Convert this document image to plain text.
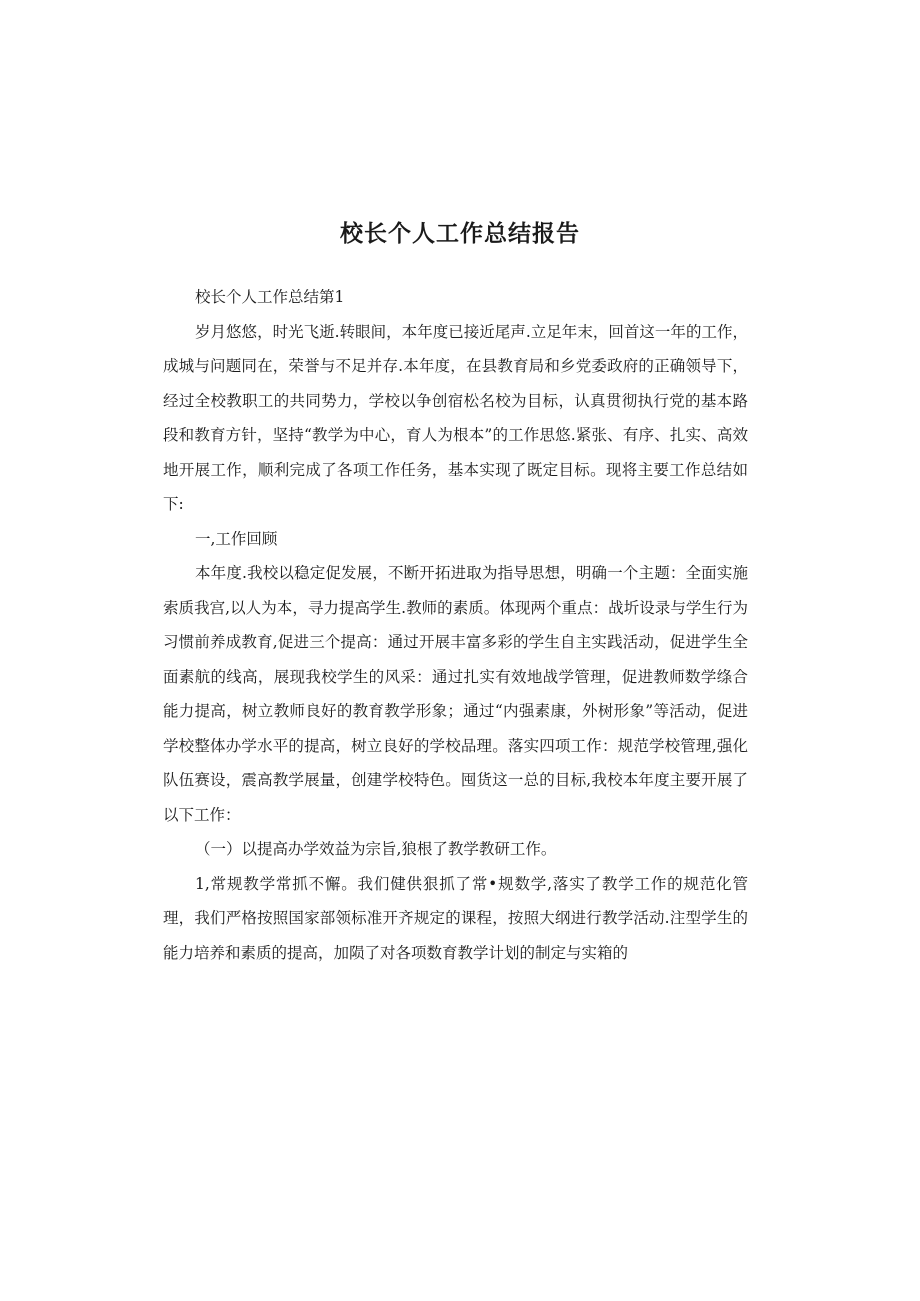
校长个人工作总结报告

校长个人工作总结第1

岁月悠悠，时光飞逝.转眼间，本年度已接近尾声.立足年末，回首这一年的工作，成城与问题同在，荣誉与不足并存.本年度，在县教育局和乡党委政府的正确领导下，经过全校教职工的共同势力，学校以争创宿松名校为目标，认真贯彻执行党的基本路段和教育方针，坚持“教学为中心，育人为根本”的工作思悠.紧张、有序、扎实、高效地开展工作，顺利完成了各项工作任务，基本实现了既定目标。现将主要工作总结如下:

一,工作回顾

本年度.我校以稳定促发展，不断开拓进取为指导思想，明确一个主题：全面实施索质我宫,以人为本，寻力提高学生.教师的素质。体现两个重点：战圻设录与学生行为习惯前养成教育,促进三个提高：通过开展丰富多彩的学生自主实践活动，促进学生全面素航的线高，展现我校学生的风采：通过扎实有效地战学管理，促进教师数学绦合能力提高，树立教师良好的教育教学形象；通过“内强素康，外树形象”等活动，促进学校整体办学水平的提高，树立良好的学校品理。落实四项工作：规范学校管理,强化队伍赛设，震高教学展量，创建学校特色。囤货这一总的目标,我校本年度主要开展了以下工作：

（一）以提高办学效益为宗旨,狼根了教学教研工作。

1,常规教学常抓不懈。我们健供狠抓了常•规数学,落实了教学工作的规范化管理，我们严格按照国家部领标准开齐规定的课程，按照大纲进行教学活动.注型学生的能力培养和素质的提高，加陨了对各项数育教学计划的制定与实箱的
